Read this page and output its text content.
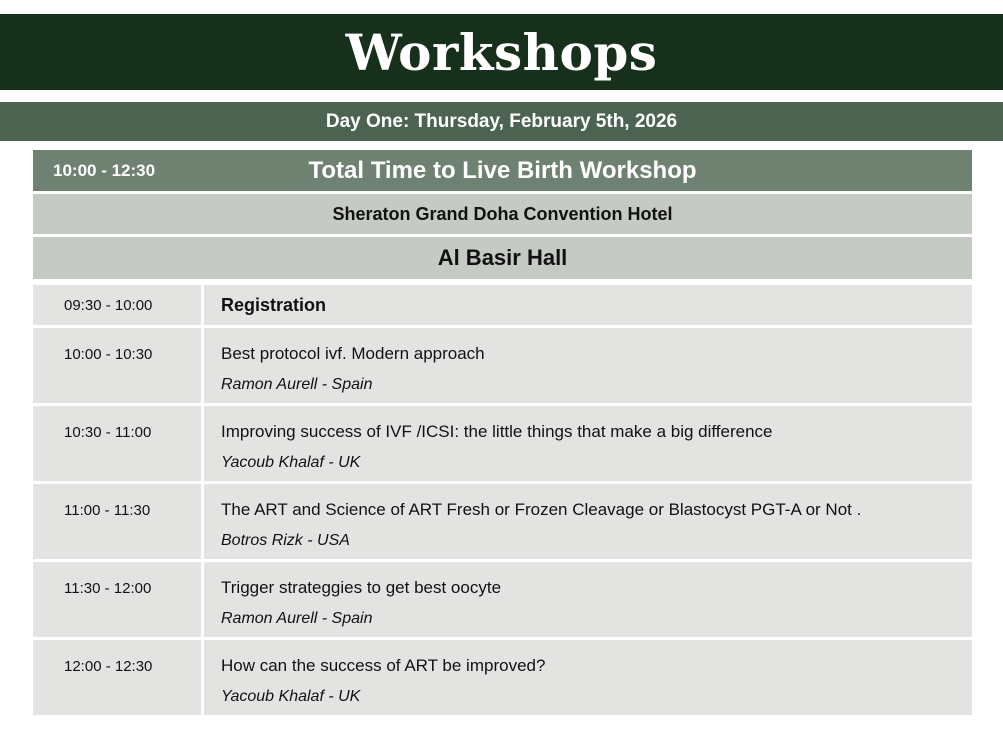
Workshops
Day One: Thursday, February 5th, 2026
Total Time to Live Birth Workshop
10:00 - 12:30
Sheraton Grand Doha Convention Hotel
Al Basir Hall
09:30 - 10:00	Registration
10:00 - 10:30	Best protocol ivf. Modern approach
Ramon Aurell - Spain
10:30 - 11:00	Improving success of IVF /ICSI: the little things that make a big difference
Yacoub Khalaf - UK
11:00 - 11:30	The ART and Science of ART Fresh or Frozen Cleavage or Blastocyst PGT-A or Not .
Botros Rizk - USA
11:30 - 12:00	Trigger strateggies to get best oocyte
Ramon Aurell - Spain
12:00 - 12:30	How can the success of ART be improved?
Yacoub Khalaf - UK
